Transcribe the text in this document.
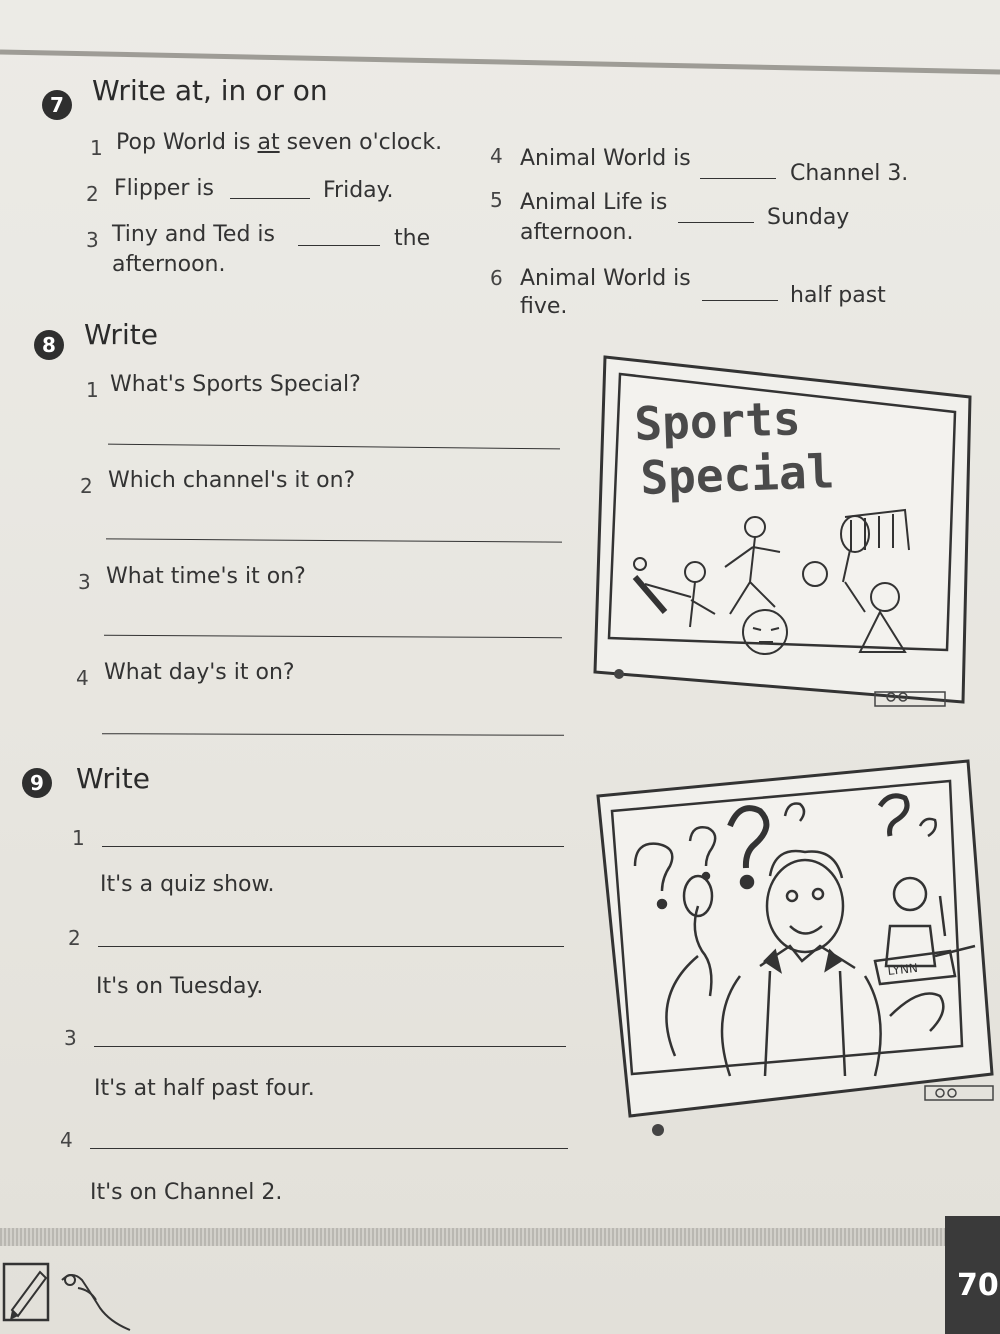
7 Write at, in or on
1 Pop World is at seven o'clock.
2 Flipper is	Friday.
3 Tiny and Ted is	the
afternoon.
4 Animal World is
Channel 3.
5 Animal Life is
Sunday
afternoon.
6 Animal World is
half past
five.
8 Write
1 What's Sports Special?
2 Which channel's it on?
3 What time's it on?
4 What day's it on?
Sports
Special
9 Write
1
It's a quiz show.
2
It's on Tuesday.
3
It's at half past four.
4
It's on Channel 2.
LYNN
70
